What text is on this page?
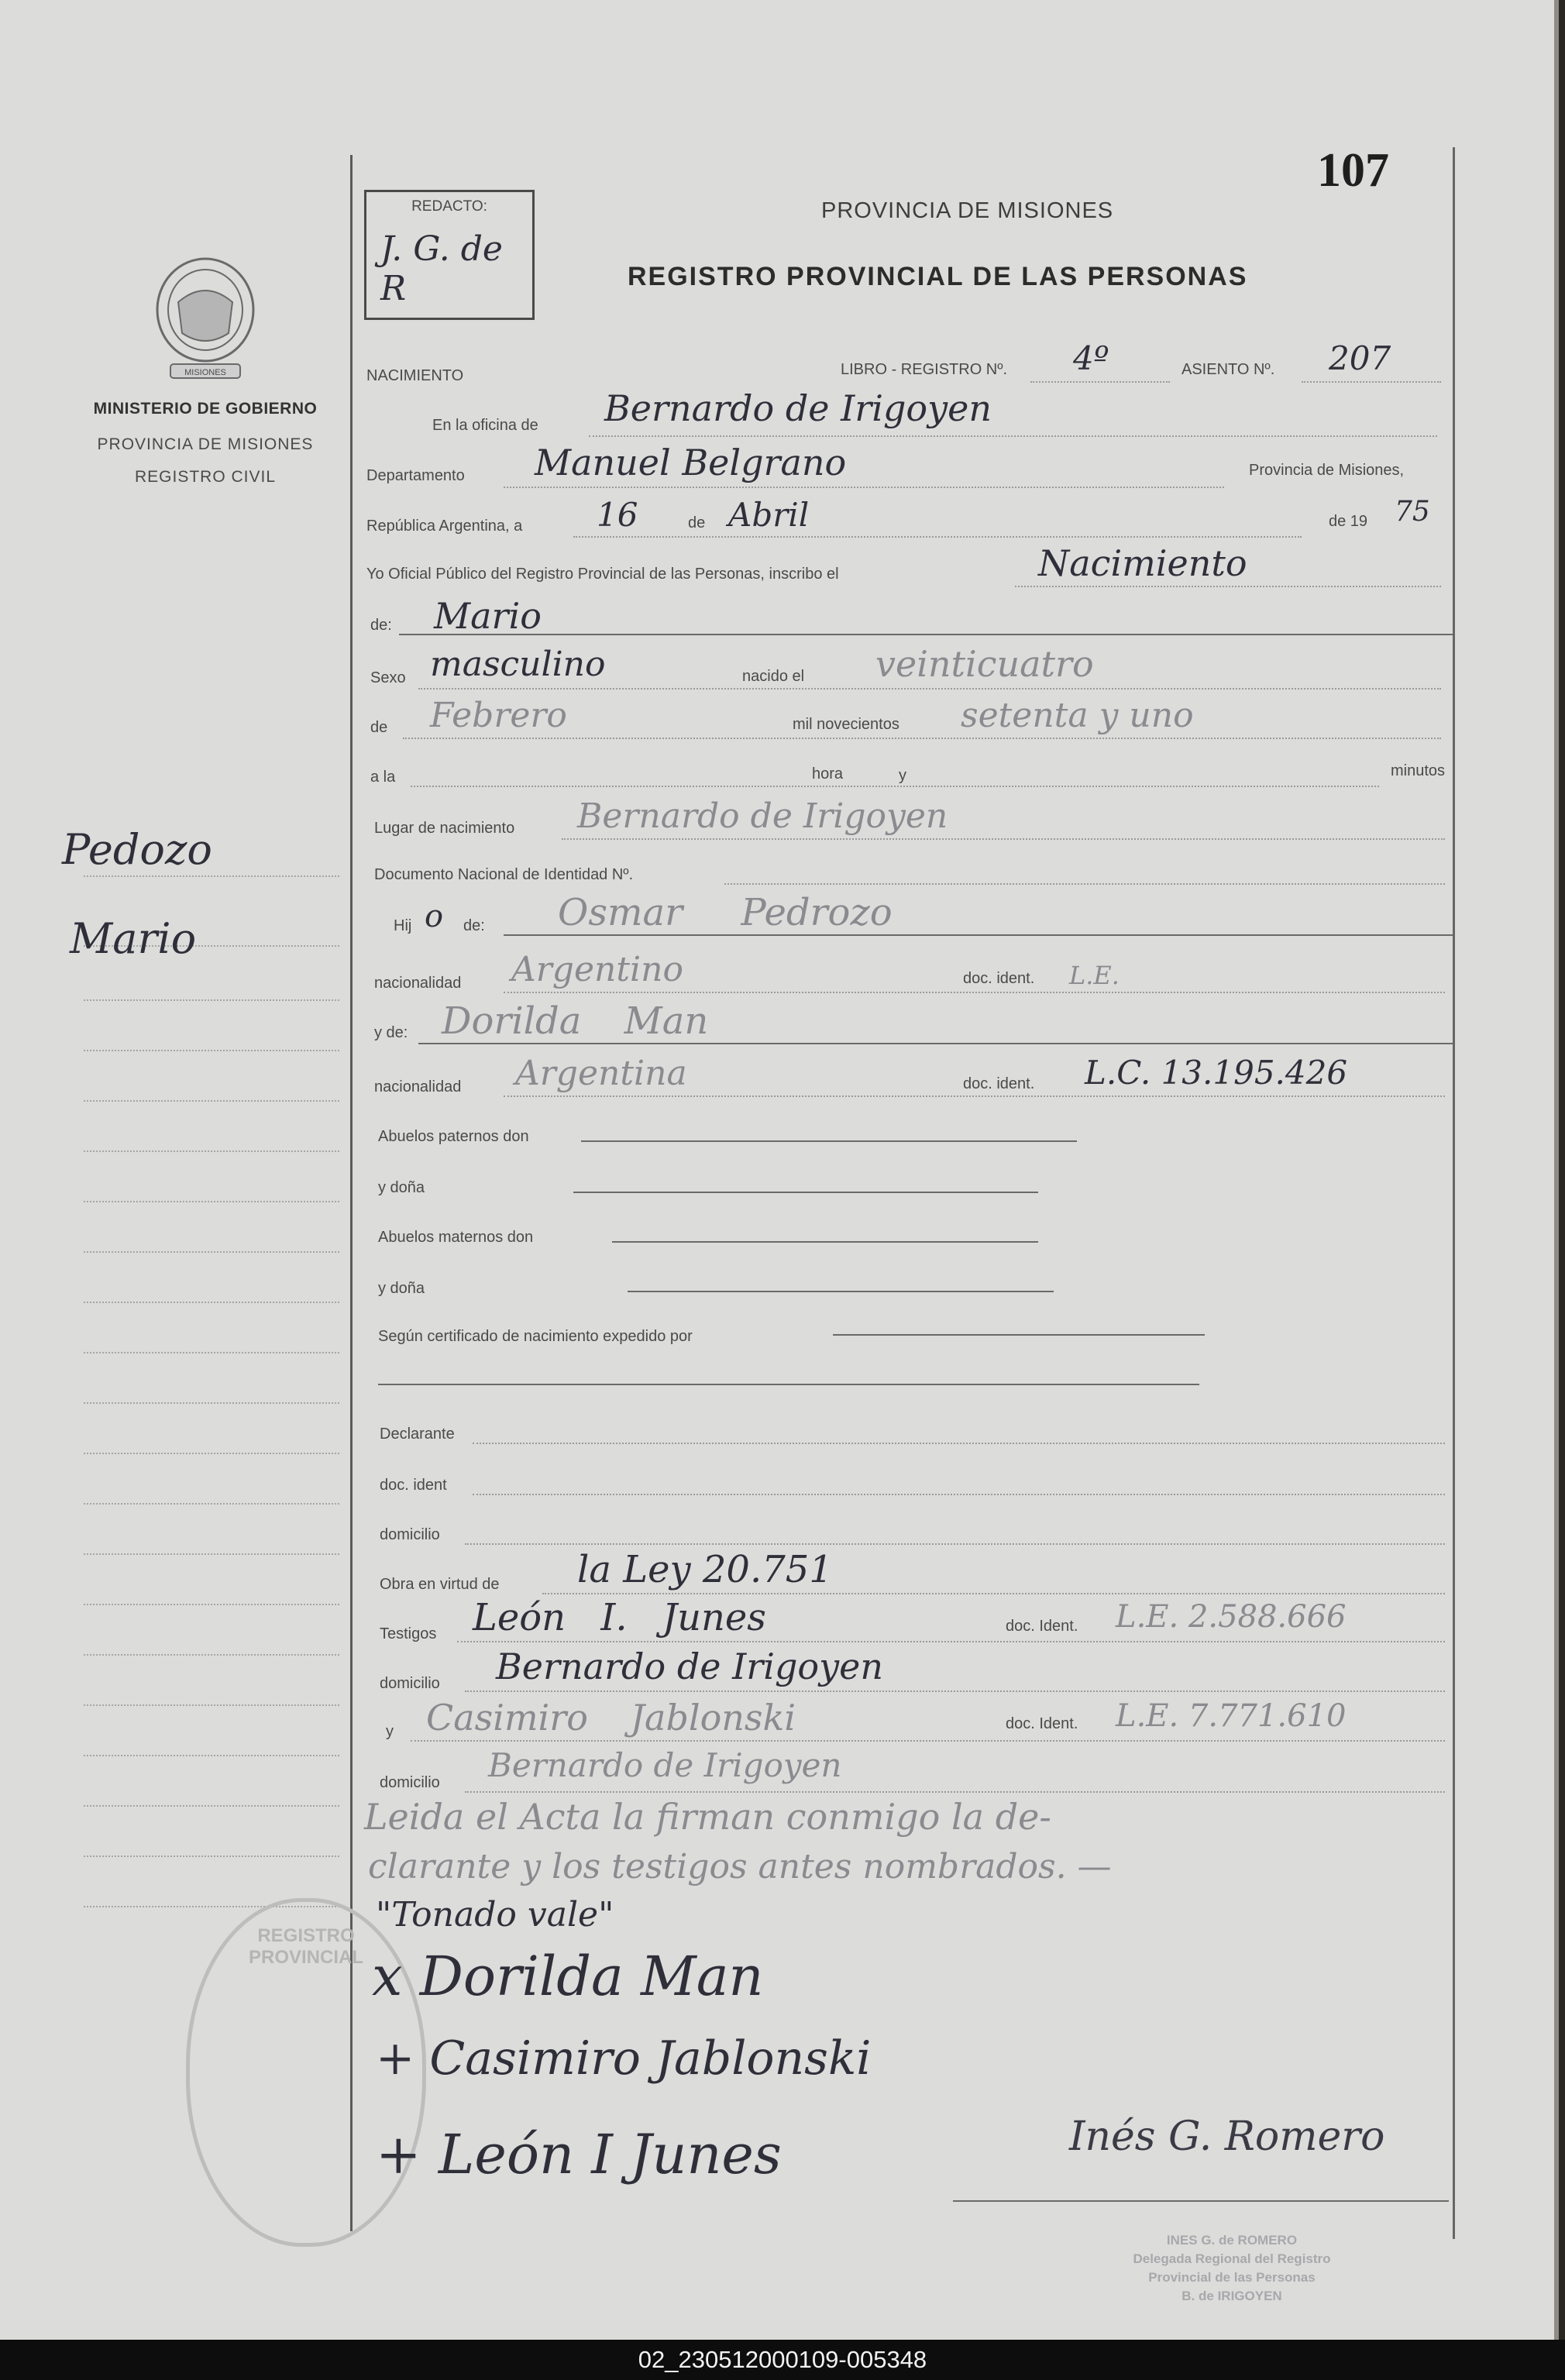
107
MISIONES
MINISTERIO DE GOBIERNO
PROVINCIA DE MISIONES
REGISTRO CIVIL
Pedozo
Mario
REGISTRO PROVINCIAL
REDACTO:
J. G. de R
PROVINCIA DE MISIONES
REGISTRO PROVINCIAL DE LAS PERSONAS
NACIMIENTO	LIBRO - REGISTRO Nº. 4º	ASIENTO Nº. 207
En la oficina de Bernardo de Irigoyen
Departamento Manuel Belgrano	Provincia de Misiones,
República Argentina, a 16	de Abril	de 19 75
Yo Oficial Público del Registro Provincial de las Personas, inscribo el	Nacimiento
de: Mario
Sexo masculino	nacido el veinticuatro
de Febrero	mil novecientos setenta y uno
a la	hora	y	minutos
Lugar de nacimiento Bernardo de Irigoyen
Documento Nacional de Identidad Nº.
Hij o de: Osmar Pedrozo
nacionalidad Argentino	doc. ident. L.E.
y de: Dorilda Man
nacionalidad Argentina	doc. ident. L.C. 13.195.426
Abuelos paternos don
y doña
Abuelos maternos don
y doña
Según certificado de nacimiento expedido por
Declarante
doc. ident
domicilio
Obra en virtud de la Ley 20.751
Testigos León I. Junes	doc. Ident. L.E. 2.588.666
domicilio Bernardo de Irigoyen
y Casimiro Jablonski	doc. Ident. L.E. 7.771.610
domicilio Bernardo de Irigoyen
Leida el Acta la firman conmigo la de-
clarante y los testigos antes nombrados. —
"Tonado vale"
x Dorilda Man
+ Casimiro Jablonski
+ León I Junes	Inés G. Romero
INES G. de ROMERO
Delegada Regional del Registro
Provincial de las Personas
B. de IRIGOYEN
02_230512000109-005348
